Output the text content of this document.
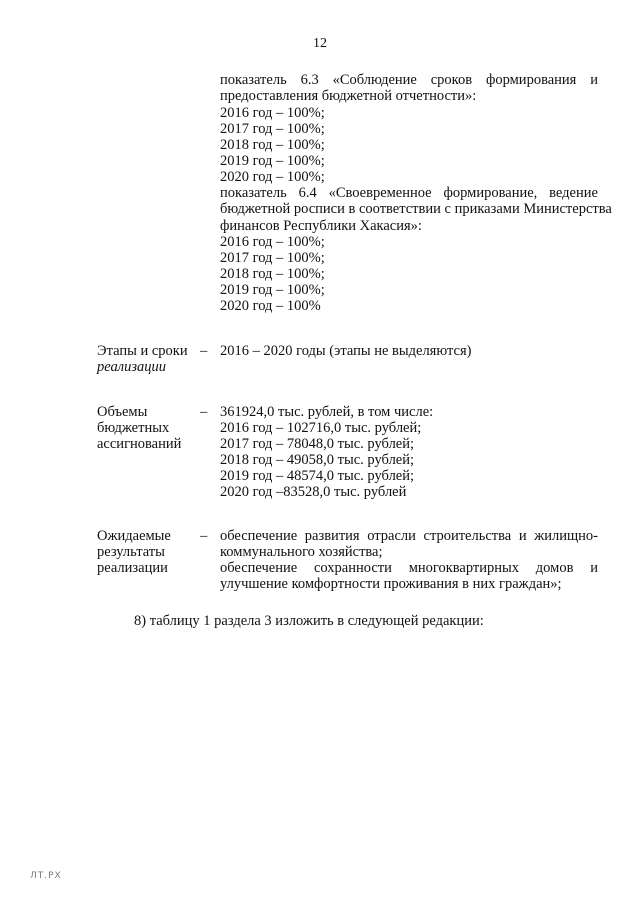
12
показатель 6.3 «Соблюдение сроков формирования и
предоставления бюджетной отчетности»:
2016 год – 100%;
2017 год – 100%;
2018 год – 100%;
2019 год – 100%;
2020 год – 100%;
показатель 6.4 «Своевременное формирование, ведение
бюджетной росписи в соответствии с приказами Министерства
финансов Республики Хакасия»:
2016 год – 100%;
2017 год – 100%;
2018 год – 100%;
2019 год – 100%;
2020 год – 100%
Этапы и сроки
реализации
– 2016 – 2020 годы (этапы не выделяются)
Объемы
бюджетных
ассигнований
– 361924,0 тыс. рублей, в том числе:
2016 год – 102716,0 тыс. рублей;
2017 год – 78048,0 тыс. рублей;
2018 год – 49058,0 тыс. рублей;
2019 год – 48574,0 тыс. рублей;
2020 год –83528,0 тыс. рублей
Ожидаемые
результаты
реализации
– обеспечение развития отрасли строительства и жилищно-
коммунального хозяйства;
обеспечение сохранности многоквартирных домов и
улучшение комфортности проживания в них граждан»;
8) таблицу 1 раздела 3 изложить в следующей редакции:
ЛТ.РХ
